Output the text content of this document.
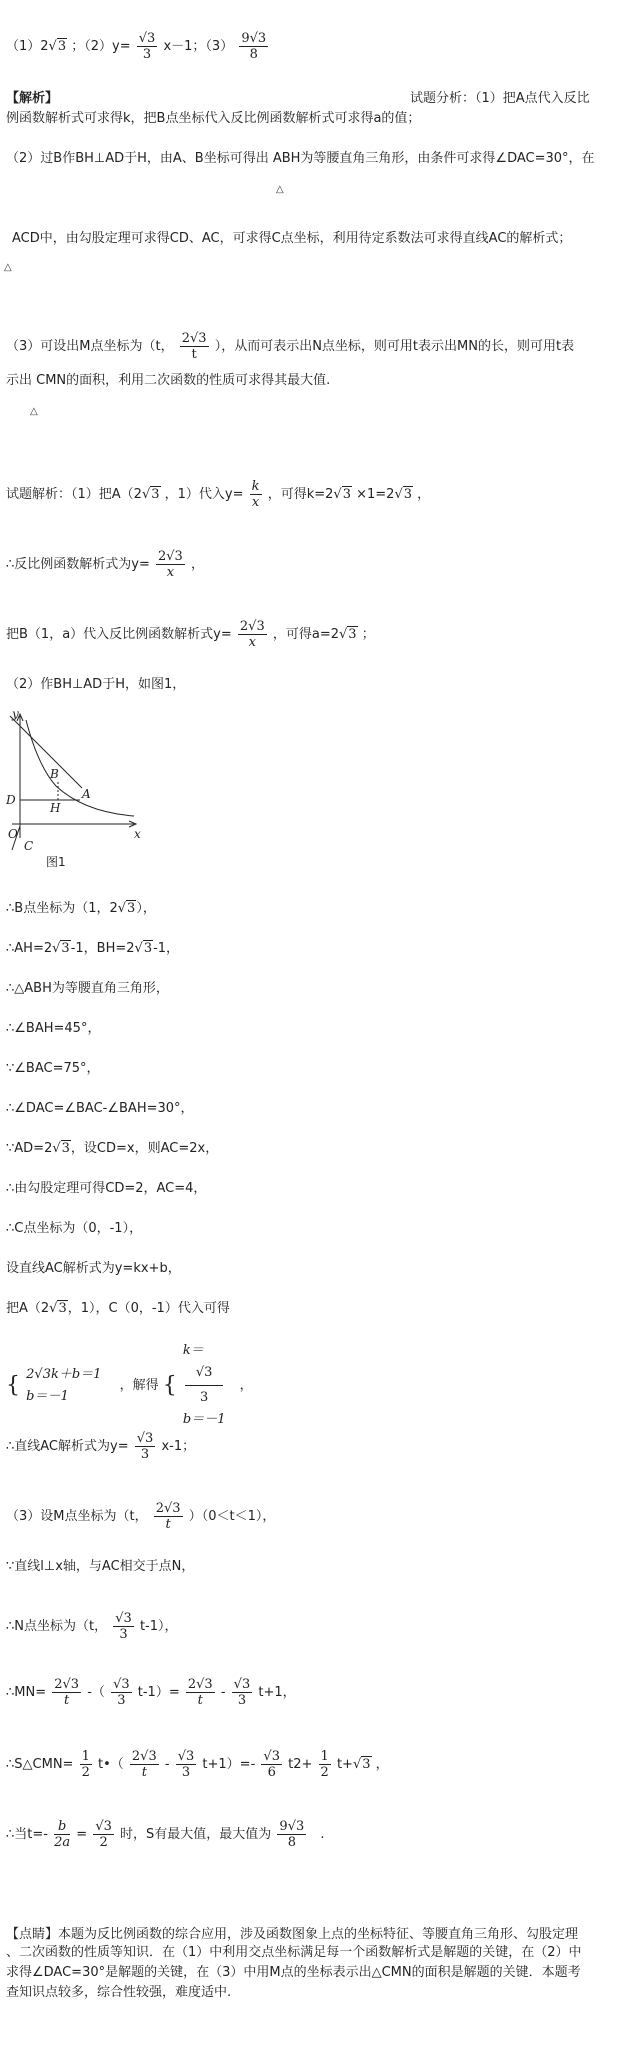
（1）2√3 ；$(2)y= \frac{√3}{3} x-1$；$(3) \frac{9√3}{8}$
【解析】	试题分析：（1）把A点代入反比
例函数解析式可求得k，把B点坐标代入反比例函数解析式可求得a的值；
（2）过B作BH⊥AD于H，由A、B坐标可得出 ABH为等腰直角三角形，由条件可求得∠DAC=30°，在
△
ACD中，由勾股定理可求得CD、AC，可求得C点坐标，利用待定系数法可求得直线AC的解析式；
△
（3）可设出M点坐标为（t， $\frac{2√3}{t}$ ），从而可表示出N点坐标，则可用t表示出MN的长，则可用t表
示出 CMN的面积，利用二次函数的性质可求得其最大值.
△
试题解析：（1）把A（2√3 ，1）代入$y= \frac{k}{x}$ ，可得k=2√3 ×1=2√3 ，
∴反比例函数解析式为$y= \frac{2√3}{x}$ ，
把B（1，a）代入反比例函数解析式$y= \frac{2√3}{x}$ ，可得a=2√3 ；
（2）作BH⊥AD于H，如图1，
y
B
A
D
H
O
C
x
图1
∴B点坐标为（1，2√3），
∴AH=2√3-1，BH=2√3-1，
∴△ABH为等腰直角三角形，
∴∠BAH=45°，
∵∠BAC=75°，
∴∠DAC=∠BAC-∠BAH=30°，
∵AD=2√3，设CD=x，则AC=2x，
∴由勾股定理可得CD=2，AC=4，
∴C点坐标为（0，-1），
设直线AC解析式为y=kx+b，
把A（2√3，1），C（0，-1）代入可得
{ 2√3k＋b＝1
b＝－1
，解得 {
k＝
√3
3
b＝－1
，
∴直线AC解析式为$y= \frac{√3}{3} x-1$；
（3）设M点坐标为（t， $\frac{2√3}{t} )(0<t<1)$，
∵直线l⊥x轴，与AC相交于点N，
∴N点坐标为（t， $\frac{√3}{3} t-1$），
∴MN= $\frac{2√3}{t}$ -（ $\frac{√3}{3} t-1)= \frac{2√3}{t} - \frac{√3}{3} t+1$，
∴S△CMN= $\frac{1}{2}$ t•（ $\frac{2√3}{t} - \frac{√3}{3} t+1)=- \frac{√3}{6} t2+ \frac{1}{2} t+√3$ ，
∴当$t=- \frac{b}{2a} = \frac{√3}{2}$ 时，S有最大值，最大值为 $\frac{9√3}{8}$ .
【点睛】本题为反比例函数的综合应用，涉及函数图象上点的坐标特征、等腰直角三角形、勾股定理
、二次函数的性质等知识．在（1）中利用交点坐标满足每一个函数解析式是解题的关键，在（2）中
求得∠DAC=30°是解题的关键，在（3）中用M点的坐标表示出△CMN的面积是解题的关键．本题考
查知识点较多，综合性较强，难度适中.
